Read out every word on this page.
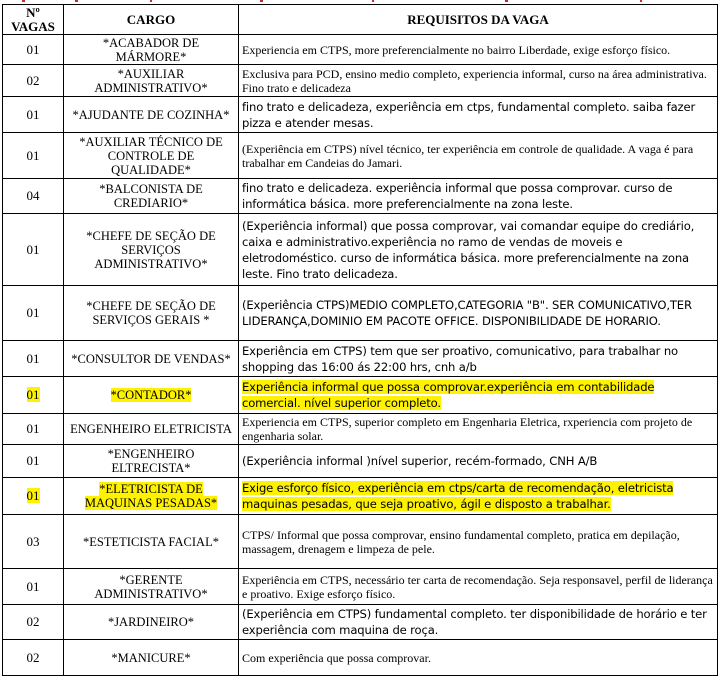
Nº VAGAS	CARGO	REQUISITOS DA VAGA
01	*ACABADOR DE MÁRMORE*	Experiencia em CTPS, more preferencialmente no bairro Liberdade, exige esforço físico.
02	*AUXILIAR ADMINISTRATIVO*	Exclusiva para PCD, ensino medio completo, experiencia informal, curso na área administrativa. Fino trato e delicadeza
01	*AJUDANTE DE COZINHA*	fino trato e delicadeza, experiência em ctps, fundamental completo. saiba fazer pizza e atender mesas.
01	*AUXILIAR TÉCNICO DE CONTROLE DE QUALIDADE*	(Experiência em CTPS) nível técnico, ter experiência em controle de qualidade. A vaga é para trabalhar em Candeias do Jamari.
04	*BALCONISTA DE CREDIARIO*	fino trato e delicadeza. experiência informal que possa comprovar. curso de informática básica. more preferencialmente na zona leste.
01	*CHEFE DE SEÇÃO DE SERVIÇOS ADMINISTRATIVO*	(Experiência informal) que possa comprovar, vai comandar equipe do crediário, caixa e administrativo.experiência no ramo de vendas de moveis e eletrodoméstico. curso de informática básica. more preferencialmente na zona leste. Fino trato delicadeza.
01	*CHEFE DE SEÇÃO DE SERVIÇOS GERAIS *	(Experiência CTPS)MEDIO COMPLETO,CATEGORIA "B". SER COMUNICATIVO,TER LIDERANÇA,DOMINIO EM PACOTE OFFICE. DISPONIBILIDADE DE HORARIO.
01	*CONSULTOR DE VENDAS*	Experiência em CTPS) tem que ser proativo, comunicativo, para trabalhar no shopping das 16:00 ás 22:00 hrs, cnh a/b
01	*CONTADOR*	Experiência informal que possa comprovar.experiência em contabilidade comercial. nível superior completo.
01	ENGENHEIRO ELETRICISTA	Experiencia em CTPS, superior completo em Engenharia Eletrica, rxperiencia com projeto de engenharia solar.
01	*ENGENHEIRO ELTRECISTA*	(Experiência informal )nível superior, recém-formado, CNH A/B
01	*ELETRICISTA DE MAQUINAS PESADAS*	Exige esforço físico, experiência em ctps/carta de recomendação, eletricista maquinas pesadas, que seja proativo, ágil e disposto a trabalhar.
03	*ESTETICISTA FACIAL*	CTPS/ Informal que possa comprovar, ensino fundamental completo, pratica em depilação, massagem, drenagem e limpeza de pele.
01	*GERENTE ADMINISTRATIVO*	Experiência em CTPS, necessário ter carta de recomendação. Seja responsavel, perfil de liderança e proativo. Exige esforço físico.
02	*JARDINEIRO*	(Experiência em CTPS) fundamental completo. ter disponibilidade de horário e ter experiência com maquina de roça.
02	*MANICURE*	Com experiência que possa comprovar.
